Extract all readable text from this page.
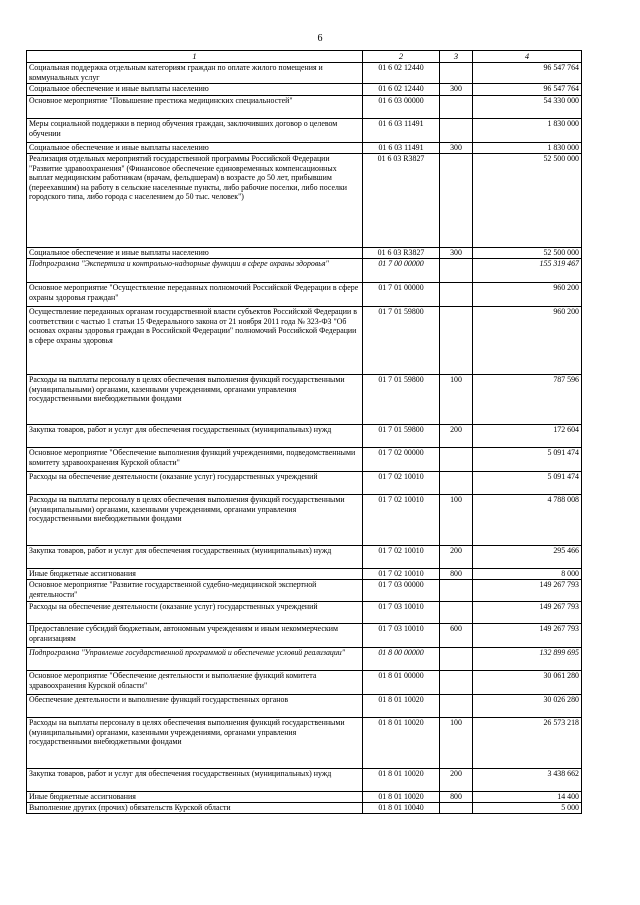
6
1	2	3	4
Социальная поддержка отдельным категориям граждан по оплате жилого помещения и коммунальных услуг	01 6 02 12440		96 547 764
Социальное обеспечение и иные выплаты населению	01 6 02 12440	300	96 547 764
Основное мероприятие "Повышение престижа медицинских специальностей"	01 6 03 00000		54 330 000
Меры социальной поддержки в период обучения граждан, заключивших договор о целевом обучении	01 6 03 11491		1 830 000
Социальное обеспечение и иные выплаты населению	01 6 03 11491	300	1 830 000
Реализация отдельных мероприятий государственной программы Российской Федерации "Развитие здравоохранения" (Финансовое обеспечение единовременных компенсационных выплат медицинским работникам (врачам, фельдшерам) в возрасте до 50 лет, прибывшим (переехавшим) на работу в сельские населенные пункты, либо рабочие поселки, либо поселки городского типа, либо города с населением до 50 тыс. человек")	01 6 03 R3827		52 500 000
Социальное обеспечение и иные выплаты населению	01 6 03 R3827	300	52 500 000
Подпрограмма "Экспертиза и контрольно-надзорные функции в сфере охраны здоровья"	01 7 00 00000		155 319 467
Основное мероприятие "Осуществление переданных полномочий Российской Федерации в сфере охраны здоровья граждан"	01 7 01 00000		960 200
Осуществление переданных органам государственной власти субъектов Российской Федерации в соответствии с частью 1 статьи 15 Федерального закона от 21 ноября 2011 года № 323-ФЗ "Об основах охраны здоровья граждан в Российской Федерации" полномочий Российской Федерации в сфере охраны здоровья	01 7 01 59800		960 200
Расходы на выплаты персоналу в целях обеспечения выполнения функций государственными (муниципальными) органами, казенными учреждениями, органами управления государственными внебюджетными фондами	01 7 01 59800	100	787 596
Закупка товаров, работ и услуг для обеспечения государственных (муниципальных) нужд	01 7 01 59800	200	172 604
Основное мероприятие "Обеспечение выполнения функций учреждениями, подведомственными комитету здравоохранения Курской области"	01 7 02 00000		5 091 474
Расходы на обеспечение деятельности (оказание услуг) государственных учреждений	01 7 02 10010		5 091 474
Расходы на выплаты персоналу в целях обеспечения выполнения функций государственными (муниципальными) органами, казенными учреждениями, органами управления государственными внебюджетными фондами	01 7 02 10010	100	4 788 008
Закупка товаров, работ и услуг для обеспечения государственных (муниципальных) нужд	01 7 02 10010	200	295 466
Иные бюджетные ассигнования	01 7 02 10010	800	8 000
Основное мероприятие "Развитие государственной судебно-медицинской экспертной деятельности"	01 7 03 00000		149 267 793
Расходы на обеспечение деятельности (оказание услуг) государственных учреждений	01 7 03 10010		149 267 793
Предоставление субсидий бюджетным, автономным учреждениям и иным некоммерческим организациям	01 7 03 10010	600	149 267 793
Подпрограмма "Управление государственной программой и обеспечение условий реализации"	01 8 00 00000		132 899 695
Основное мероприятие "Обеспечение деятельности и выполнение функций комитета здравоохранения Курской области"	01 8 01 00000		30 061 280
Обеспечение деятельности и выполнение функций государственных органов	01 8 01 10020		30 026 280
Расходы на выплаты персоналу в целях обеспечения выполнения функций государственными (муниципальными) органами, казенными учреждениями, органами управления государственными внебюджетными фондами	01 8 01 10020	100	26 573 218
Закупка товаров, работ и услуг для обеспечения государственных (муниципальных) нужд	01 8 01 10020	200	3 438 662
Иные бюджетные ассигнования	01 8 01 10020	800	14 400
Выполнение других (прочих) обязательств Курской области	01 8 01 10040		5 000
